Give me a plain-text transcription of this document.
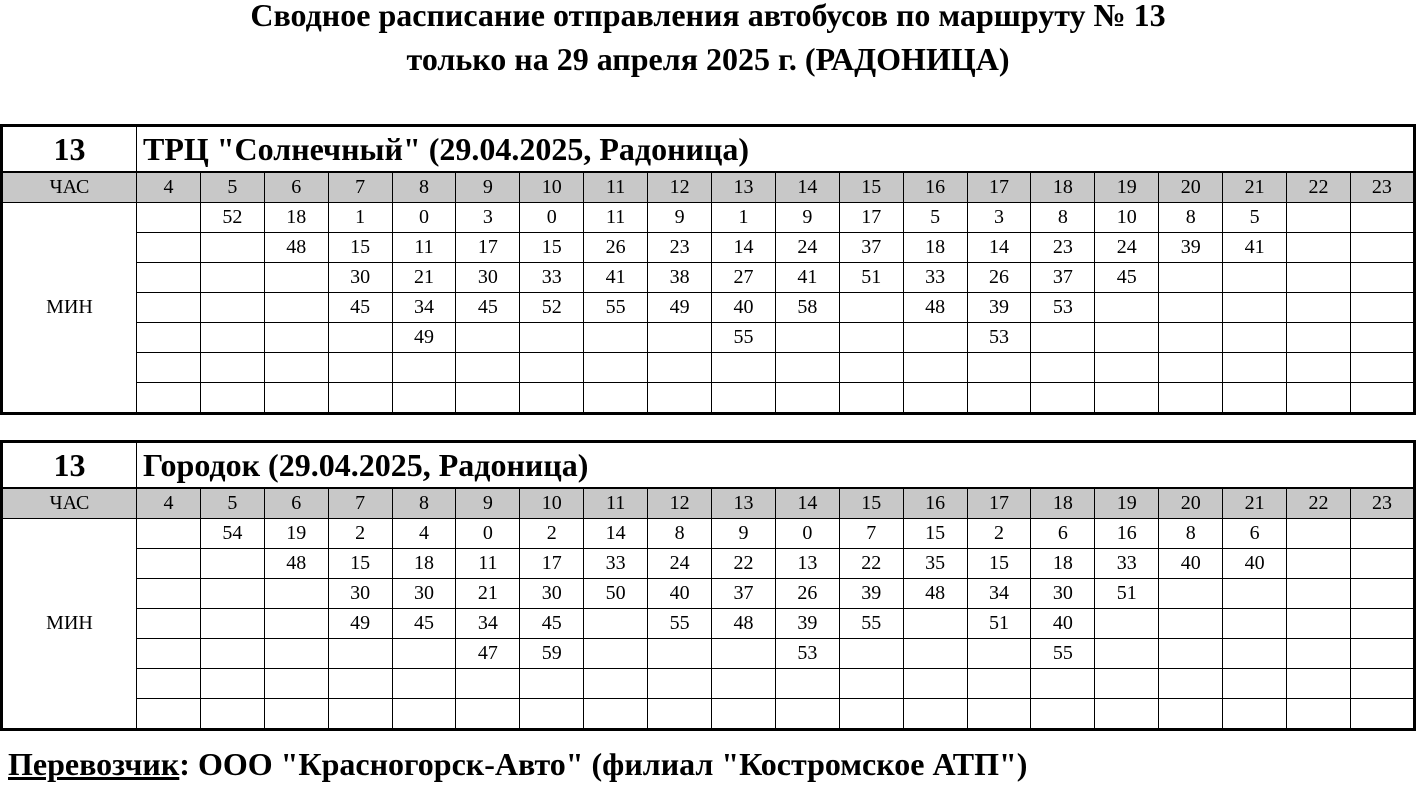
Сводное расписание отправления автобусов по маршруту № 13
только на 29 апреля 2025 г. (РАДОНИЦА)
13	ТРЦ "Солнечный" (29.04.2025, Радоница)																			
ЧАС	4	5	6	7	8	9	10	11	12	13	14	15	16	17	18	19	20	21	22	23
МИН		52	18	1	0	3	0	11	9	1	9	17	5	3	8	10	8	5		
			48	15	11	17	15	26	23	14	24	37	18	14	23	24	39	41		
				30	21	30	33	41	38	27	41	51	33	26	37	45				
				45	34	45	52	55	49	40	58		48	39	53					
					49					55				53						

13	Городок (29.04.2025, Радоница)																			
ЧАС	4	5	6	7	8	9	10	11	12	13	14	15	16	17	18	19	20	21	22	23
МИН		54	19	2	4	0	2	14	8	9	0	7	15	2	6	16	8	6		
			48	15	18	11	17	33	24	22	13	22	35	15	18	33	40	40		
				30	30	21	30	50	40	37	26	39	48	34	30	51				
				49	45	34	45		55	48	39	55		51	40					
						47	59				53				55					

Перевозчик: ООО "Красногорск-Авто" (филиал "Костромское АТП")
